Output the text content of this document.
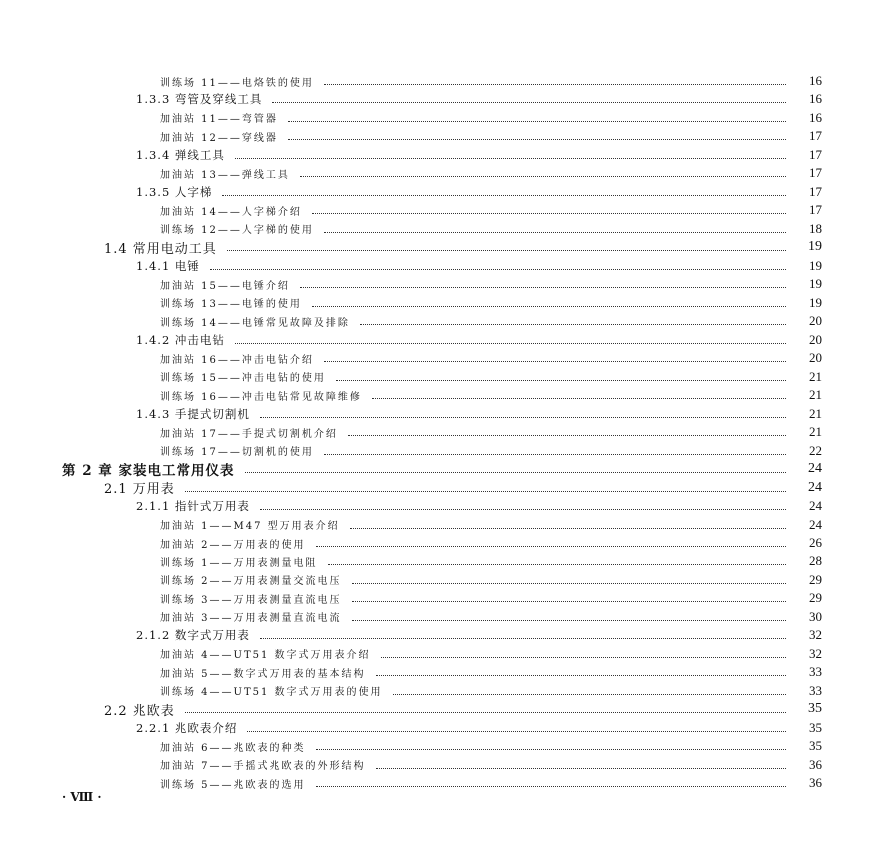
训练场 11——电烙铁的使用	16
1.3.3 弯管及穿线工具	16
加油站 11——弯管器	16
加油站 12——穿线器	17
1.3.4 弹线工具	17
加油站 13——弹线工具	17
1.3.5 人字梯	17
加油站 14——人字梯介绍	17
训练场 12——人字梯的使用	18
1.4 常用电动工具	19
1.4.1 电锤	19
加油站 15——电锤介绍	19
训练场 13——电锤的使用	19
训练场 14——电锤常见故障及排除	20
1.4.2 冲击电钻	20
加油站 16——冲击电钻介绍	20
训练场 15——冲击电钻的使用	21
训练场 16——冲击电钻常见故障维修	21
1.4.3 手提式切割机	21
加油站 17——手提式切割机介绍	21
训练场 17——切割机的使用	22
第 2 章 家装电工常用仪表	24
2.1 万用表	24
2.1.1 指针式万用表	24
加油站 1——M47 型万用表介绍	24
加油站 2——万用表的使用	26
训练场 1——万用表测量电阻	28
训练场 2——万用表测量交流电压	29
训练场 3——万用表测量直流电压	29
加油站 3——万用表测量直流电流	30
2.1.2 数字式万用表	32
加油站 4——UT51 数字式万用表介绍	32
加油站 5——数字式万用表的基本结构	33
训练场 4——UT51 数字式万用表的使用	33
2.2 兆欧表	35
2.2.1 兆欧表介绍	35
加油站 6——兆欧表的种类	35
加油站 7——手摇式兆欧表的外形结构	36
训练场 5——兆欧表的选用	36
· Ⅷ ·
